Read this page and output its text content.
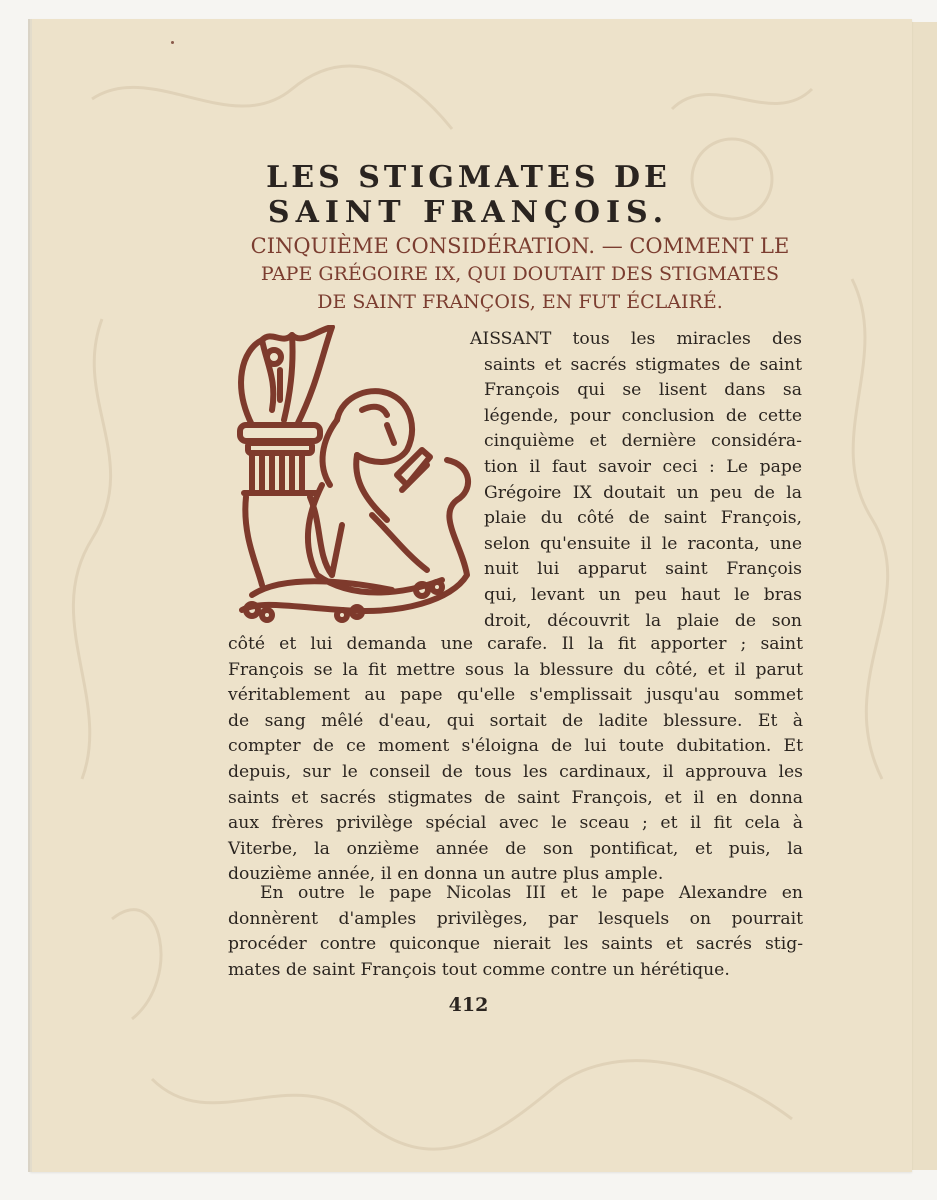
LES STIGMATES DE
SAINT FRANÇOIS.
CINQUIÈME CONSIDÉRATION. — COMMENT LE
PAPE GRÉGOIRE IX, QUI DOUTAIT DES STIGMATES
DE SAINT FRANÇOIS, EN FUT ÉCLAIRÉ.
AISSANT tous les miracles des
saints et sacrés stigmates de saint
François qui se lisent dans sa
légende, pour conclusion de cette
cinquième et dernière considéra-
tion il faut savoir ceci : Le pape
Grégoire IX doutait un peu de la
plaie du côté de saint François,
selon qu'ensuite il le raconta, une
nuit lui apparut saint François
qui, levant un peu haut le bras
droit, découvrit la plaie de son
côté et lui demanda une carafe. Il la fit apporter ; saint
François se la fit mettre sous la blessure du côté, et il parut
véritablement au pape qu'elle s'emplissait jusqu'au sommet
de sang mêlé d'eau, qui sortait de ladite blessure. Et à
compter de ce moment s'éloigna de lui toute dubitation. Et
depuis, sur le conseil de tous les cardinaux, il approuva les
saints et sacrés stigmates de saint François, et il en donna
aux frères privilège spécial avec le sceau ; et il fit cela à
Viterbe, la onzième année de son pontificat, et puis, la
douzième année, il en donna un autre plus ample.
En outre le pape Nicolas III et le pape Alexandre en
donnèrent d'amples privilèges, par lesquels on pourrait
procéder contre quiconque nierait les saints et sacrés stig-
mates de saint François tout comme contre un hérétique.
412
